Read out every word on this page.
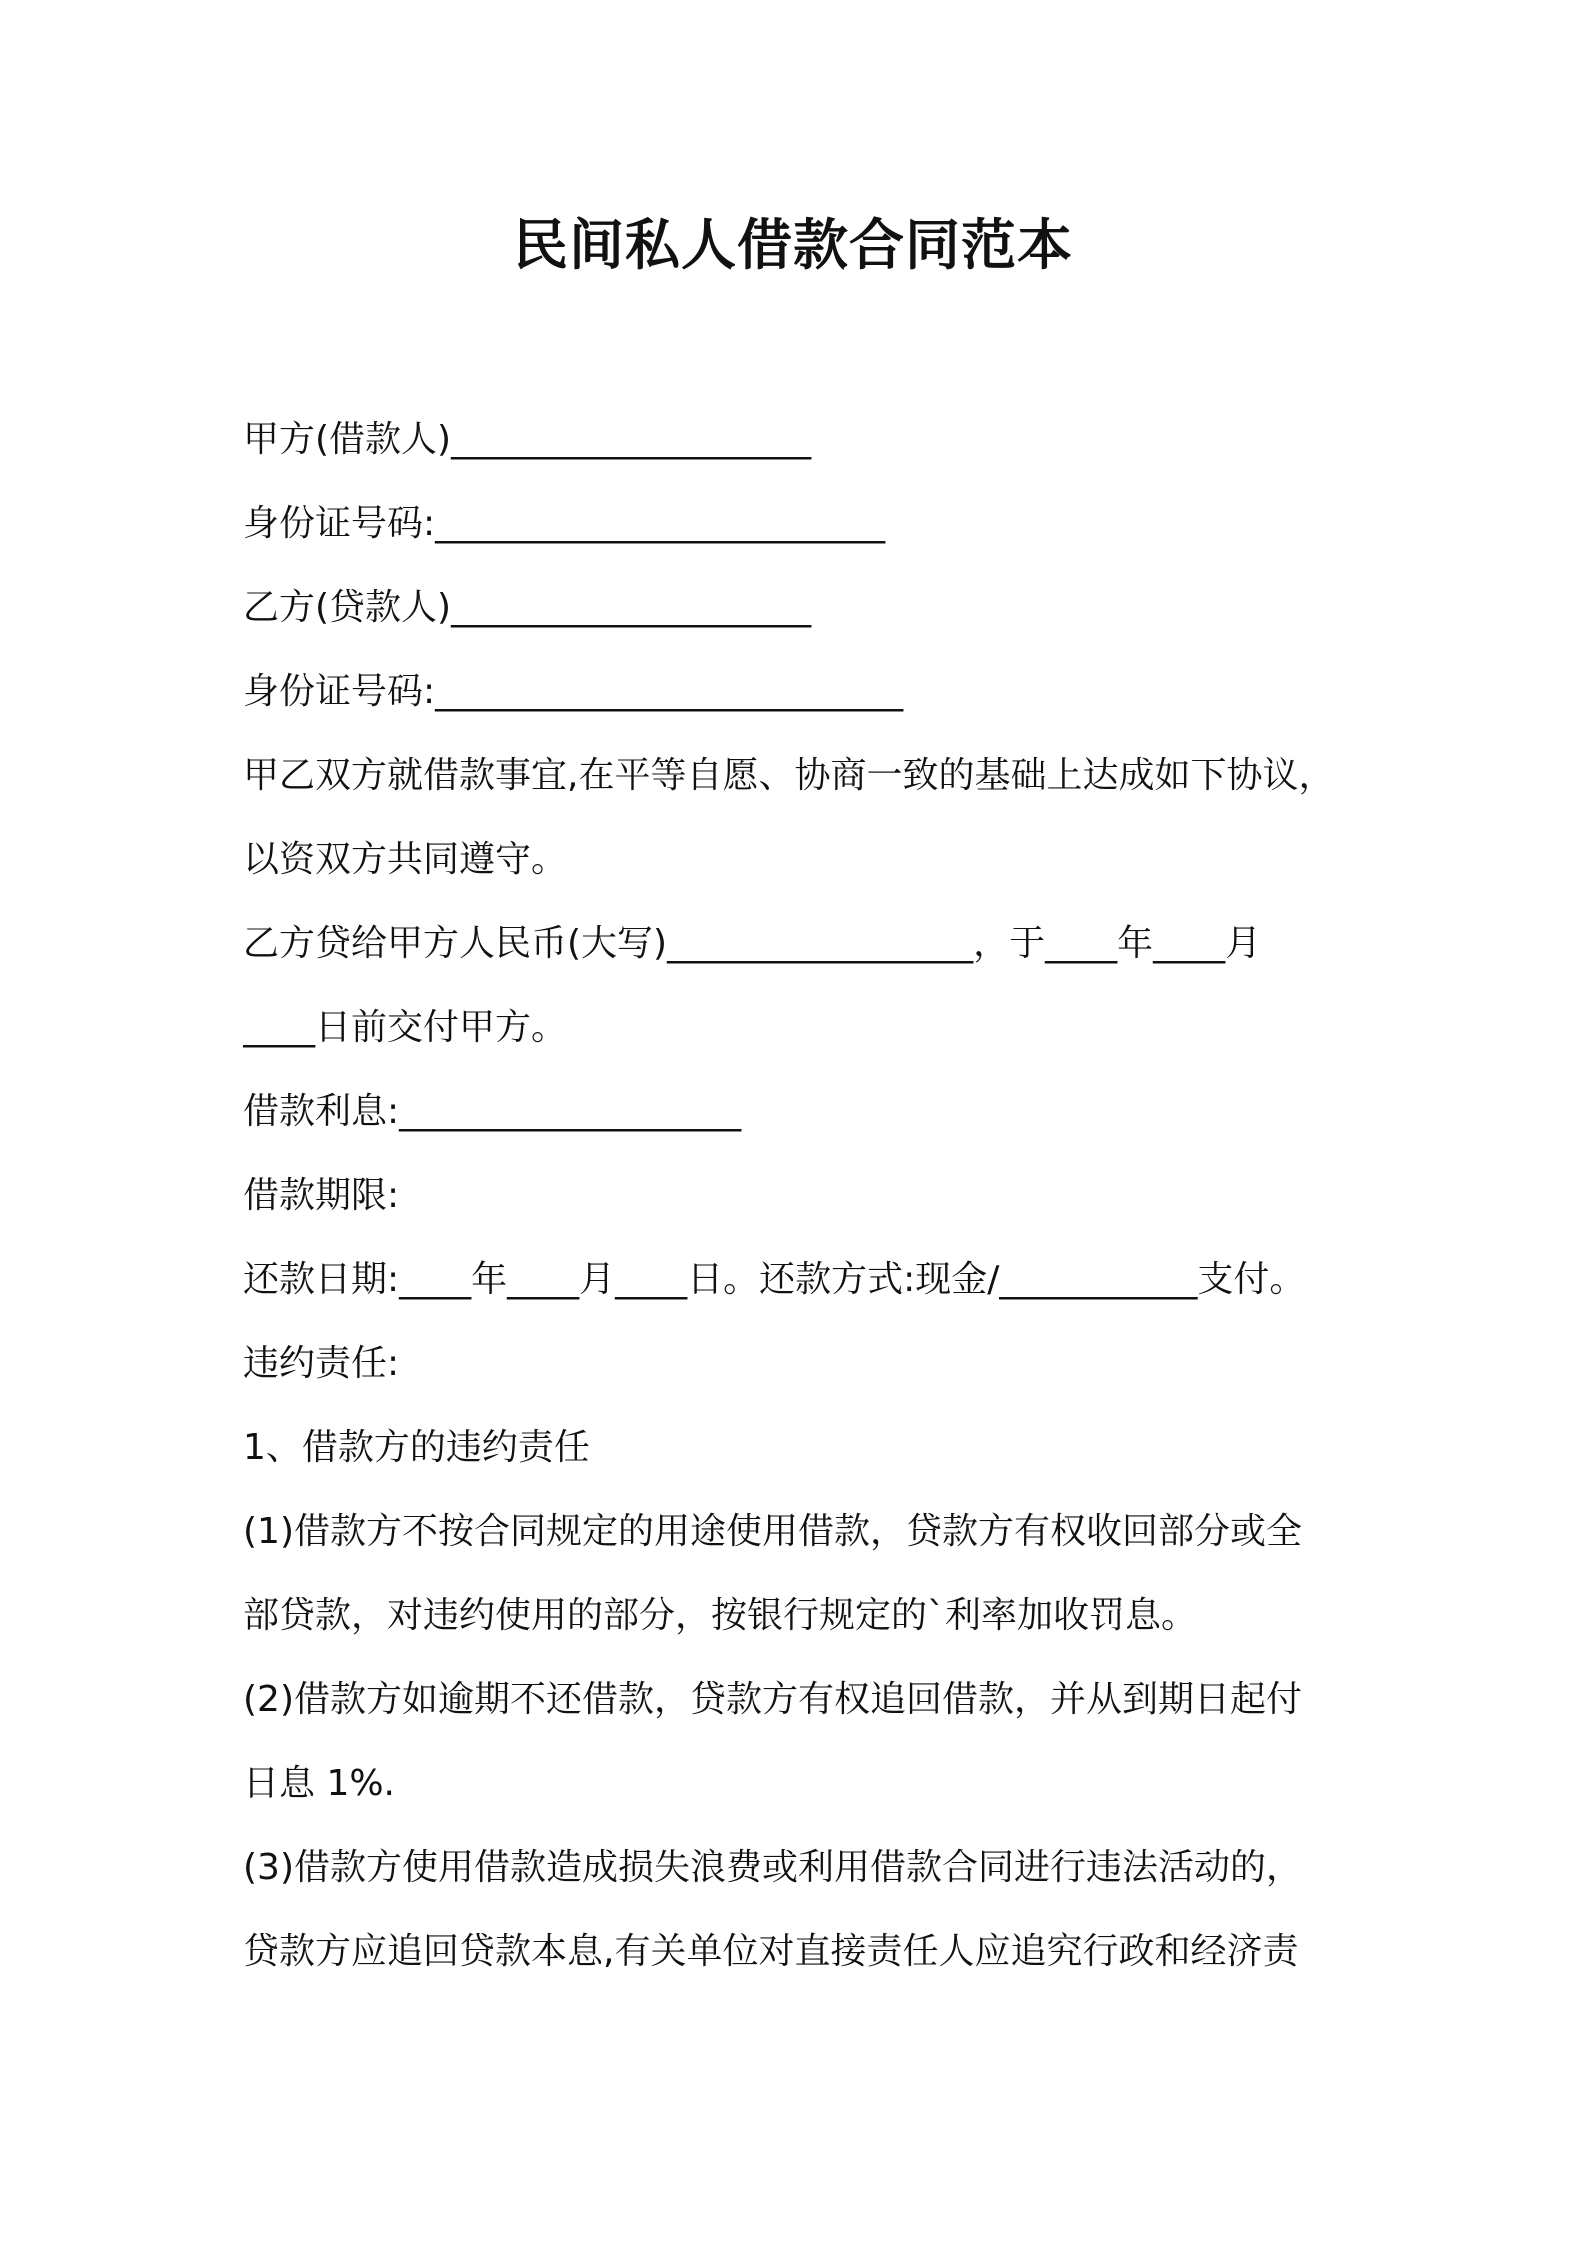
民间私人借款合同范本
甲方(借款人)____________________
身份证号码:_________________________
乙方(贷款人)____________________
身份证号码:__________________________
甲乙双方就借款事宜,在平等自愿、协商一致的基础上达成如下协议，
以资双方共同遵守。
乙方贷给甲方人民币(大写)_________________，于____年____月
____日前交付甲方。
借款利息:___________________
借款期限:
还款日期:____年____月____日。还款方式:现金/___________支付。
违约责任:
1、借款方的违约责任
(1)借款方不按合同规定的用途使用借款，贷款方有权收回部分或全
部贷款，对违约使用的部分，按银行规定的`利率加收罚息。
(2)借款方如逾期不还借款，贷款方有权追回借款，并从到期日起付
日息 1%.
(3)借款方使用借款造成损失浪费或利用借款合同进行违法活动的，
贷款方应追回贷款本息,有关单位对直接责任人应追究行政和经济责
